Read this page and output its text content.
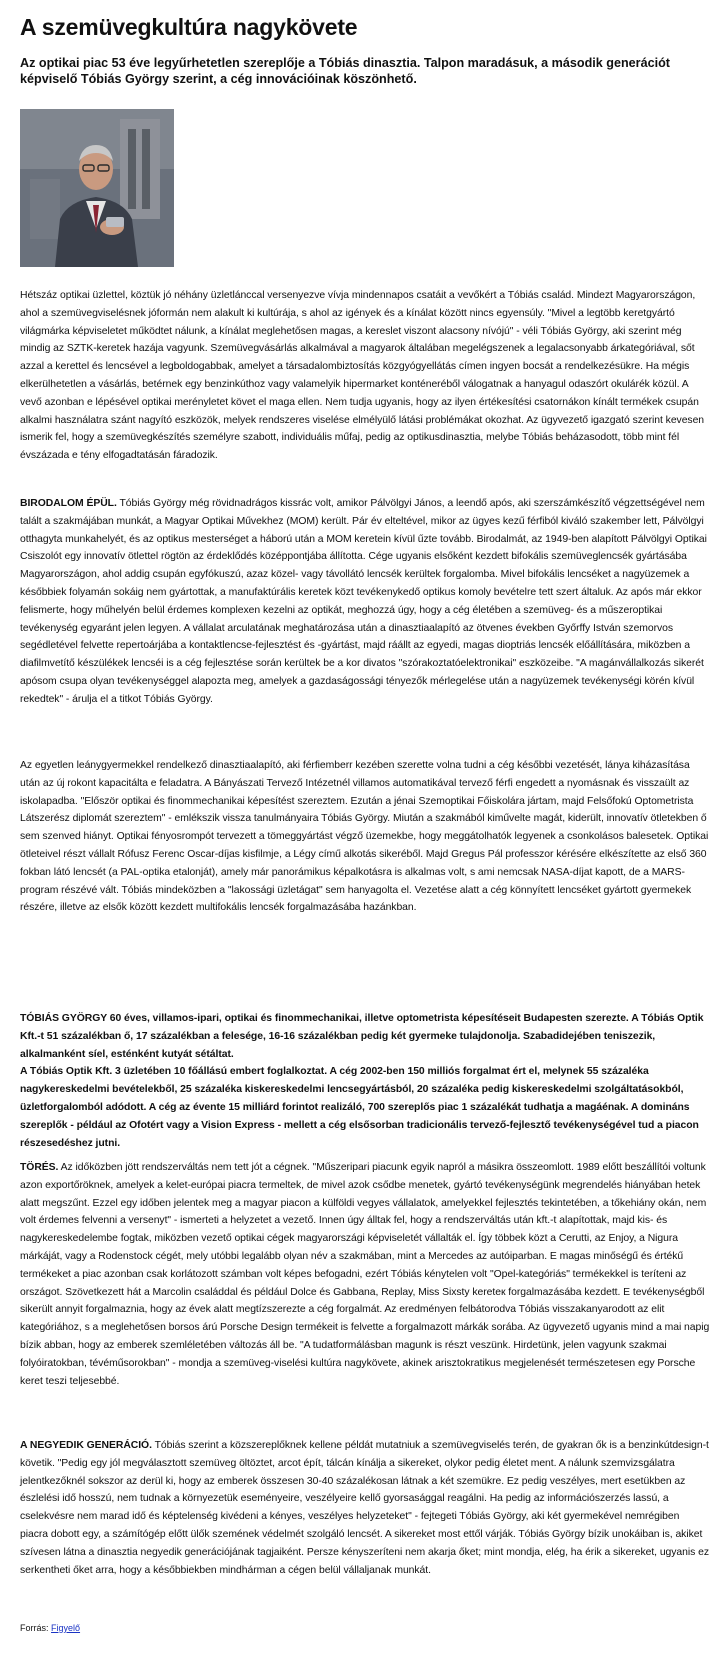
A szemüvegkultúra nagykövete

Az optikai piac 53 éve legyűrhetetlen szereplője a Tóbiás dinasztia. Talpon maradásuk, a második generációt képviselő Tóbiás György szerint, a cég innovációinak köszönhető.

Hétszáz optikai üzlettel, köztük jó néhány üzletlánccal versenyezve vívja mindennapos csatáit a vevőkért a Tóbiás család. Mindezt Magyarországon, ahol a szemüvegviselésnek jóformán nem alakult ki kultúrája, s ahol az igények és a kínálat között nincs egyensúly. "Mivel a legtöbb keretgyártó világmárka képviseletet működtet nálunk, a kínálat meglehetősen magas, a kereslet viszont alacsony nívójú" - véli Tóbiás György, aki szerint még mindig az SZTK-keretek hazája vagyunk. Szemüvegvásárlás alkalmával a magyarok általában megelégszenek a legalacsonyabb árkategóriával, sőt azzal a kerettel és lencsével a legboldogabbak, amelyet a társadalombiztosítás közgyógyellátás címen ingyen bocsát a rendelkezésükre. Ha mégis elkerülhetetlen a vásárlás, betérnek egy benzinkúthoz vagy valamelyik hipermarket konténeréből válogatnak a hanyagul odaszórt okulárék közül. A vevő azonban e lépésével optikai merényletet követ el magа ellen. Nem tudja ugyanis, hogy az ilyen értékesítési csatornákon kínált termékek csupán alkalmi használatra szánt nagyító eszközök, melyek rendszeres viselése elmélyülő látási problémákat okozhat. Az ügyvezető igazgató szerint kevesen ismerik fel, hogy a szemüvegkészítés személyre szabott, individuális műfaj, pedig az optikusdinasztia, melybe Tóbiás beházasodott, több mint fél évszázada e tény elfogadtatásán fáradozik.

BIRODALOM ÉPÜL. Tóbiás György még rövidnadrágos kissrác volt, amikor Pálvölgyi János, a leendő após, aki szerszámkészítő végzettségével nem talált a szakmájában munkát, a Magyar Optikai Művekhez (MOM) került. Pár év elteltével, mikor az ügyes kezű férfiból kiváló szakember lett, Pálvölgyi otthagyta munkahelyét, és az optikus mesterséget a háború után a MOM keretein kívül űzte tovább. Birodalmát, az 1949-ben alapított Pálvölgyi Optikai Csiszolót egy innovatív ötlettel rögtön az érdeklődés középpontjába állította. Cége ugyanis elsőként kezdett bifokális szemüveglencsék gyártásába Magyarországon, ahol addig csupán egyfókuszú, azaz közel- vagy távollátó lencsék kerültek forgalomba. Mivel bifokális lencséket a nagyüzemek a későbbiek folyamán sokáig nem gyártottak, a manufaktúrális keretek közt tevékenykedő optikus komoly bevételre tett szert általuk. Az após már ekkor felismerte, hogy műhelyén belül érdemes komplexen kezelni az optikát, meghozzá úgy, hogy a cég életében a szemüveg- és a műszeroptikai tevékenység egyaránt jelen legyen. A vállalat arculatának meghatározása után a dinasztiaalapító az ötvenes években Győrffy István szemorvos segédletével felvette repertoárjába a kontaktlencse-fejlesztést és -gyártást, majd ráállt az egyedi, magas dioptriás lencsék előállítására, miközben a diafilmvetítő készülékek lencséi is a cég fejlesztése során kerültek be a kor divatos "szórakoztatóelektronikai" eszközeibe. "A magánvállalkozás sikerét apósom csupa olyan tevékenységgel alapozta meg, amelyek a gazdaságossági tényezők mérlegelése után a nagyüzemek tevékenységi körén kívül rekedtek" - árulja el a titkot Tóbiás György.

Az egyetlen leánygyermekkel rendelkező dinasztiaalapító, aki férfiemberr kezében szerette volna tudni a cég későbbi vezetését, lánya kiházasítása után az új rokont kapacitálta e feladatra. A Bányászati Tervező Intézetnél villamos automatikával tervező férfi engedett a nyomásnak és visszaült az iskolapadba. "Először optikai és finommechanikai képesítést szereztem. Ezután a jénai Szemoptikai Főiskolára jártam, majd Felsőfokú Optometrista Látszerész diplomát szereztem" - emlékszik vissza tanulmányaira Tóbiás György. Miután a szakmából kiművelte magát, kiderült, innovatív ötletekben ő sem szenved hiányt. Optikai fényosrompót tervezett a tömeggyártást végző üzemekbe, hogy meggátolhatók legyenek a csonkolásos balesetek. Optikai ötleteivel részt vállalt Rófusz Ferenc Oscar-díjas kisfilmje, a Légy című alkotás sikeréből. Majd Gregus Pál professzor kérésére elkészítette az első 360 fokban látó lencsét (a PAL-optika etalonját), amely már panorámikus képalkotásra is alkalmas volt, s ami nemcsak NASA-díjat kapott, de a MARS-program részévé vált. Tóbiás mindeközben a "lakossági üzletágat" sem hanyagolta el. Vezetése alatt a cég könnyített lencséket gyártott gyermekek részére, illetve az elsők között kezdett multifokális lencsék forgalmazásába hazánkban.

TÓBIÁS GYÖRGY 60 éves, villamos-ipari, optikai és finommechanikai, illetve optometrista képesítéseit Budapesten szerezte. A Tóbiás Optik Kft.-t 51 százalékban ő, 17 százalékban a felesége, 16-16 százalékban pedig két gyermeke tulajdonolja. Szabadidejében teniszezik, alkalmanként síel, esténként kutyát sétáltat.
A Tóbiás Optik Kft. 3 üzletében 10 főállású embert foglalkoztat. A cég 2002-ben 150 milliós forgalmat ért el, melynek 55 százaléka nagykereskedelmi bevételekből, 25 százaléka kiskereskedelmi lencsegyártásból, 20 százaléka pedig kiskereskedelmi szolgáltatásokból, üzletforgalomból adódott. A cég az évente 15 milliárd forintot realizáló, 700 szereplős piac 1 százalékát tudhatja a magáénak. A domináns szereplők - például az Ofotért vagy a Vision Express - mellett a cég elsősorban tradicionális tervező-fejlesztő tevékenységével tud a piacon részesedéshez jutni.

TÖRÉS. Az időközben jött rendszerváltás nem tett jót a cégnek. "Műszeripari piacunk egyik napról a másikra összeomlott. 1989 előtt beszállítói voltunk azon exportőröknek, amelyek a kelet-európai piacra termeltek, de mivel azok csődbe menetek, gyártó tevékenységünk megrendelés hiányában hetek alatt megszűnt. Ezzel egy időben jelentek meg a magyar piacon a külföldi vegyes vállalatok, amelyekkel fejlesztés tekintetében, a tőkehiány okán, nem volt érdemes felvenni a versenyt" - ismerteti a helyzetet a vezető. Innen úgy álltak fel, hogy a rendszerváltás után kft.-t alapítottak, majd kis- és nagykereskedelembe fogtak, miközben vezető optikai cégek magyarországi képviseletét vállalták el. Így többek közt a Cerutti, az Enjoy, a Nigura márkáját, vagy a Rodenstock cégét, mely utóbbi legalább olyan név a szakmában, mint a Mercedes az autóiparban. E magas minőségű és értékű termékeket a piac azonban csak korlátozott számban volt képes befogadni, ezért Tóbiás kényteleп volt "Opel-kategóriás" termékekkel is teríteni az országot. Szövetkezett hát a Marcolin családdal és például Dolce és Gabbana, Replay, Miss Sixsty kereteк forgalmazásába kezdett. E tevékenységből sikerült annyit forgalmaznia, hogy az évek alatt megtízszerezte a cég forgalmát. Az eredményen felbátorodva Tóbiás visszakanyarodott az elit kategóriához, s a meglehetősen borsos árú Porsche Design termékeit is felvette a forgalmazott márkák sorába. Az ügyvezető ugyanis mind a mai napig bízik abban, hogy az emberek szemléletében változás áll be. "A tudatformálásban magunk is részt veszünk. Hirdetünk, jelen vagyunk szakmai folyóiratokban, tévéműsorokban" - mondja a szemüveg-viselési kultúra nagykövete, akinek arisztokratikus megjelenését természetesen egy Porsche keret teszi teljesebbé.

A NEGYEDIK GENERÁCIÓ. Tóbiás szerint a közszereplőknek kellene példát mutatniuk a szemüvegviselés terén, de gyakran ők is a benzinkútdesign-t követik. "Pedig egy jól megválasztott szemüveg öltöztet, arcot épít, tálcán kínálja a sikereket, olykor pedig életet ment. A nálunk szemvizsgálatra jelentkezőknél sokszor az derül ki, hogy az emberek összesen 30-40 százalékosan látnak a két szemükre. Ez pedig veszélyes, mert esetükben az észlelési idő hosszú, nem tudnak a környezetük eseményeire, veszélyeire kellő gyorsasággal reagálni. Ha pedig az információszerzés lassú, a cselekvésre nem marad idő és képtelenség kivédeni a kényes, veszélyes helyzeteket" - fejtegeti Tóbiás György, aki két gyermekével nemrégiben piacra dobott egy, a számítógép előtt ülők szemének védelmét szolgáló lencsét. A sikereket most ettől várják. Tóbiás György bízik unokáiban is, akiket szívesen látna a dinasztia negyedik generációjának tagjaiként. Persze kényszeríteni nem akarja őket; mint mondja, elég, ha érik a sikereket, ugyanis ez serkentheti őket arra, hogy a későbbiekben mindhárman a cégen belül vállaljanak munkát.

Forrás: Figyelő
